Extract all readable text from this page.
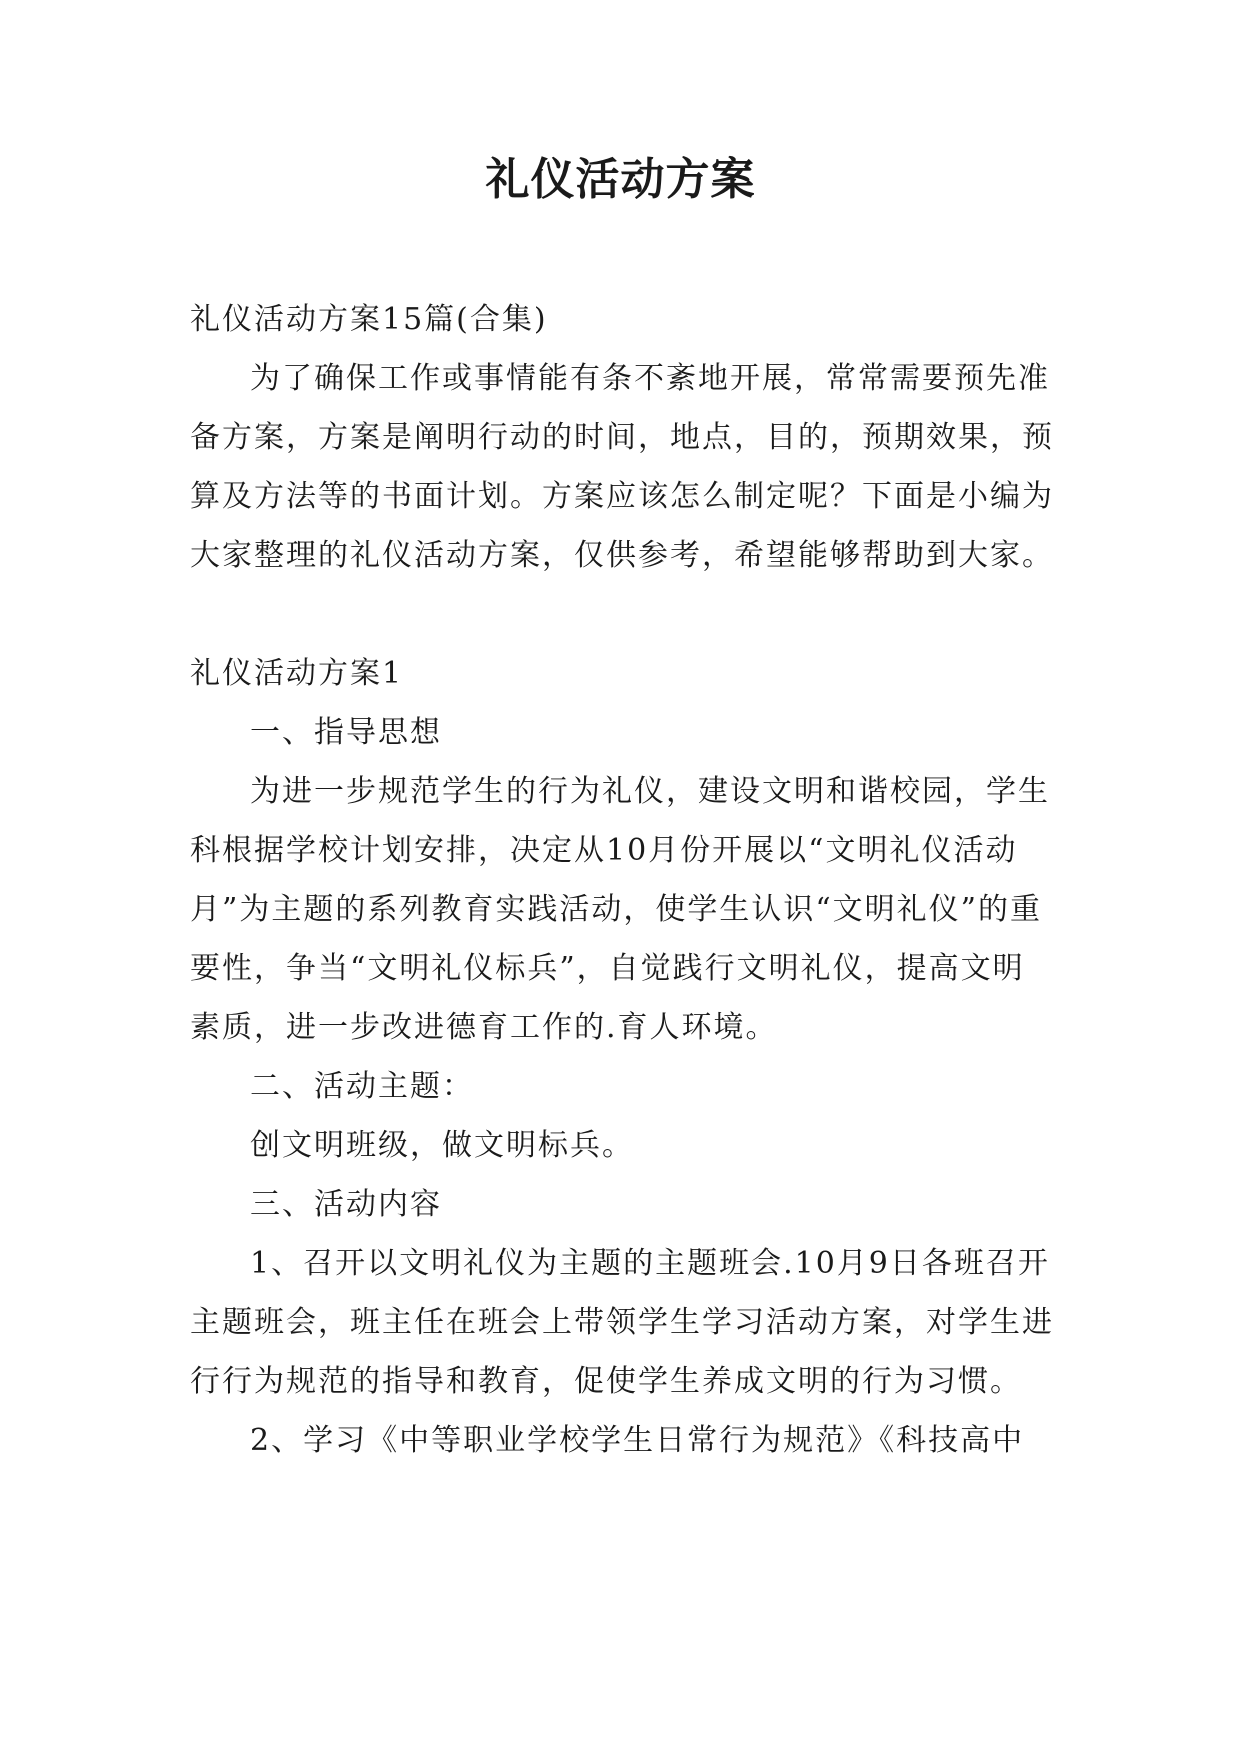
礼仪活动方案

礼仪活动方案15篇(合集)

为了确保工作或事情能有条不紊地开展，常常需要预先准备方案，方案是阐明行动的时间，地点，目的，预期效果，预算及方法等的书面计划。方案应该怎么制定呢？下面是小编为大家整理的礼仪活动方案，仅供参考，希望能够帮助到大家。

礼仪活动方案1

一、指导思想

为进一步规范学生的行为礼仪，建设文明和谐校园，学生科根据学校计划安排，决定从10月份开展以“文明礼仪活动月”为主题的系列教育实践活动，使学生认识“文明礼仪”的重要性，争当“文明礼仪标兵”，自觉践行文明礼仪，提高文明素质，进一步改进德育工作的.育人环境。

二、活动主题：

创文明班级，做文明标兵。

三、活动内容

1、召开以文明礼仪为主题的主题班会.10月9日各班召开主题班会，班主任在班会上带领学生学习活动方案，对学生进行行为规范的指导和教育，促使学生养成文明的行为习惯。

2、学习《中等职业学校学生日常行为规范》《科技高中
